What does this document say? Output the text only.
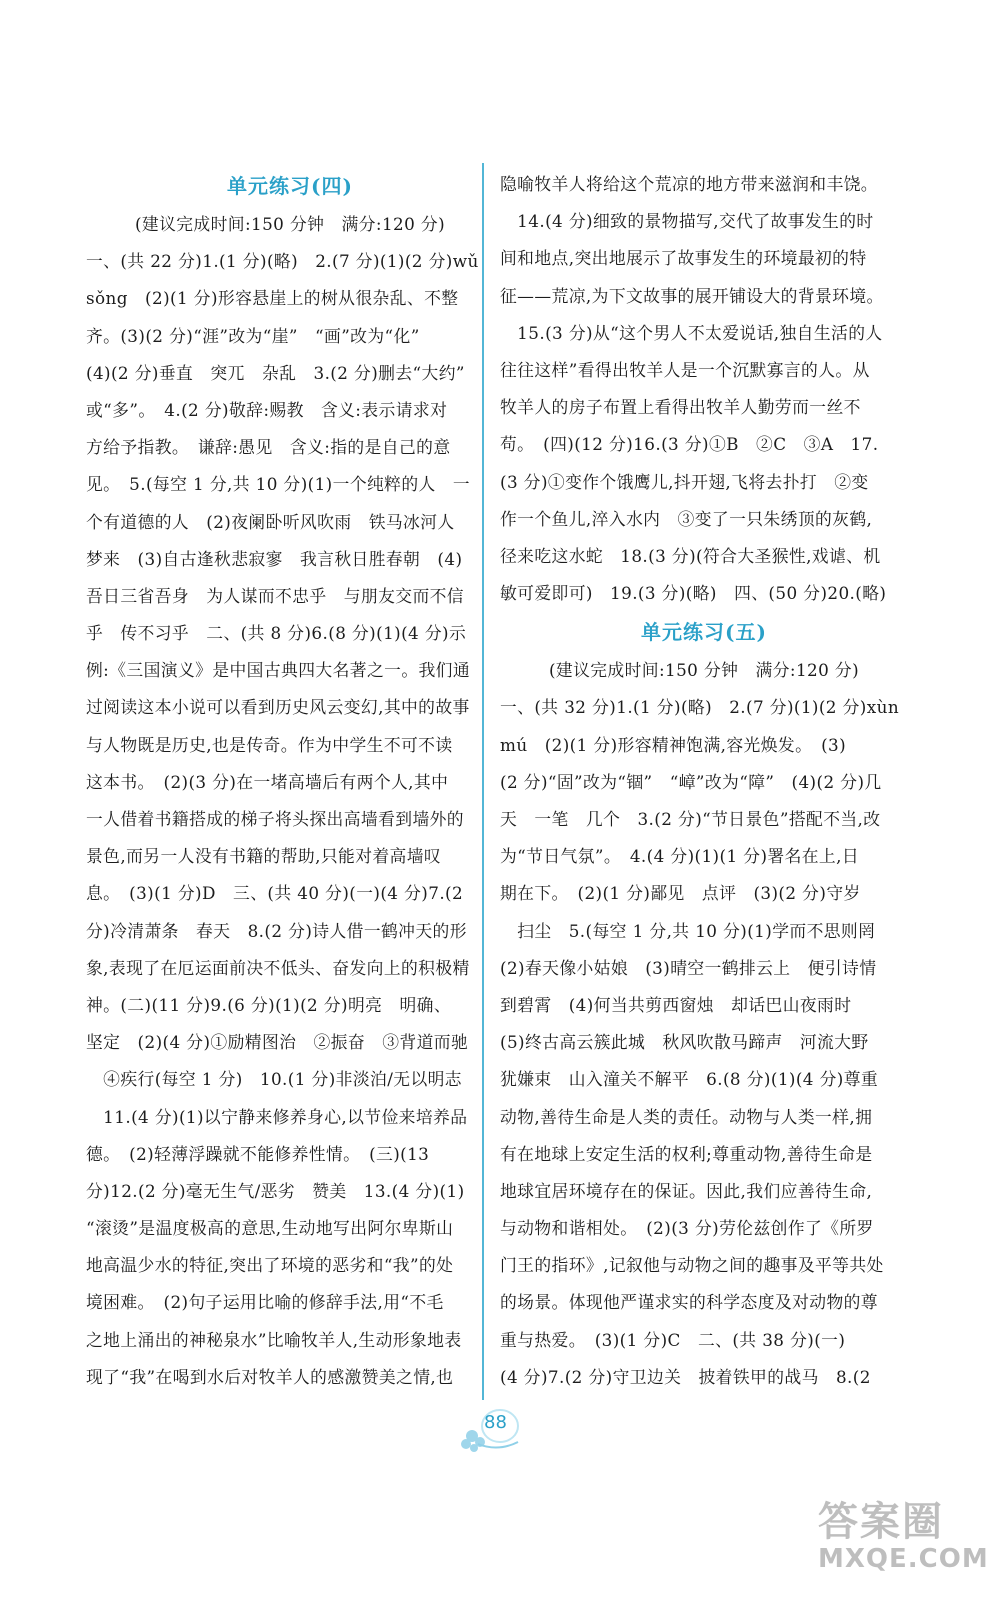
单元练习(四)
(建议完成时间:150 分钟　满分:120 分)
一、(共 22 分)1.(1 分)(略)　2.(7 分)(1)(2 分)wǔ
sǒng　(2)(1 分)形容悬崖上的树从很杂乱、不整
齐。(3)(2 分)“涯”改为“崖”　“画”改为“化”
(4)(2 分)垂直　突兀　杂乱　3.(2 分)删去“大约”
或“多”。　4.(2 分)敬辞:赐教　含义:表示请求对
方给予指教。　谦辞:愚见　含义:指的是自己的意
见。　5.(每空 1 分,共 10 分)(1)一个纯粹的人　一
个有道德的人　(2)夜阑卧听风吹雨　铁马冰河人
梦来　(3)自古逢秋悲寂寥　我言秋日胜春朝　(4)
吾日三省吾身　为人谋而不忠乎　与朋友交而不信
乎　传不习乎　二、(共 8 分)6.(8 分)(1)(4 分)示
例:《三国演义》是中国古典四大名著之一。我们通
过阅读这本小说可以看到历史风云变幻,其中的故事
与人物既是历史,也是传奇。作为中学生不可不读
这本书。　(2)(3 分)在一堵高墙后有两个人,其中
一人借着书籍搭成的梯子将头探出高墙看到墙外的
景色,而另一人没有书籍的帮助,只能对着高墙叹
息。　(3)(1 分)D　三、(共 40 分)(一)(4 分)7.(2
分)冷清萧条　春天　8.(2 分)诗人借一鹤冲天的形
象,表现了在厄运面前决不低头、奋发向上的积极精
神。(二)(11 分)9.(6 分)(1)(2 分)明亮　明确、
坚定　(2)(4 分)①励精图治　②振奋　③背道而驰
　④疾行(每空 1 分)　10.(1 分)非淡泊/无以明志
　11.(4 分)(1)以宁静来修养身心,以节俭来培养品
德。　(2)轻薄浮躁就不能修养性情。　(三)(13
分)12.(2 分)毫无生气/恶劣　赞美　13.(4 分)(1)
“滚烫”是温度极高的意思,生动地写出阿尔卑斯山
地高温少水的特征,突出了环境的恶劣和“我”的处
境困难。　(2)句子运用比喻的修辞手法,用“不毛
之地上涌出的神秘泉水”比喻牧羊人,生动形象地表
现了“我”在喝到水后对牧羊人的感激赞美之情,也
隐喻牧羊人将给这个荒凉的地方带来滋润和丰饶。
　14.(4 分)细致的景物描写,交代了故事发生的时
间和地点,突出地展示了故事发生的环境最初的特
征——荒凉,为下文故事的展开铺设大的背景环境。
　15.(3 分)从“这个男人不太爱说话,独自生活的人
往往这样”看得出牧羊人是一个沉默寡言的人。从
牧羊人的房子布置上看得出牧羊人勤劳而一丝不
苟。　(四)(12 分)16.(3 分)①B　②C　③A　17.
(3 分)①变作个饿鹰儿,抖开翅,飞将去扑打　②变
作一个鱼儿,淬入水内　③变了一只朱绣顶的灰鹤,
径来吃这水蛇　18.(3 分)(符合大圣猴性,戏谑、机
敏可爱即可)　19.(3 分)(略)　四、(50 分)20.(略)
单元练习(五)
(建议完成时间:150 分钟　满分:120 分)
一、(共 32 分)1.(1 分)(略)　2.(7 分)(1)(2 分)xùn
mú　(2)(1 分)形容精神饱满,容光焕发。　(3)
(2 分)“固”改为“锢”　“嶂”改为“障”　(4)(2 分)几
天　一笔　几个　3.(2 分)“节日景色”搭配不当,改
为“节日气氛”。　4.(4 分)(1)(1 分)署名在上,日
期在下。　(2)(1 分)鄙见　点评　(3)(2 分)守岁
　扫尘　5.(每空 1 分,共 10 分)(1)学而不思则罔
(2)春天像小姑娘　(3)晴空一鹤排云上　便引诗情
到碧霄　(4)何当共剪西窗烛　却话巴山夜雨时
(5)终古高云簇此城　秋风吹散马蹄声　河流大野
犹嫌束　山入潼关不解平　6.(8 分)(1)(4 分)尊重
动物,善待生命是人类的责任。动物与人类一样,拥
有在地球上安定生活的权利;尊重动物,善待生命是
地球宜居环境存在的保证。因此,我们应善待生命,
与动物和谐相处。　(2)(3 分)劳伦兹创作了《所罗
门王的指环》,记叙他与动物之间的趣事及平等共处
的场景。体现他严谨求实的科学态度及对动物的尊
重与热爱。　(3)(1 分)C　二、(共 38 分)(一)
(4 分)7.(2 分)守卫边关　披着铁甲的战马　8.(2
88
答案圈
MXQE.COM
